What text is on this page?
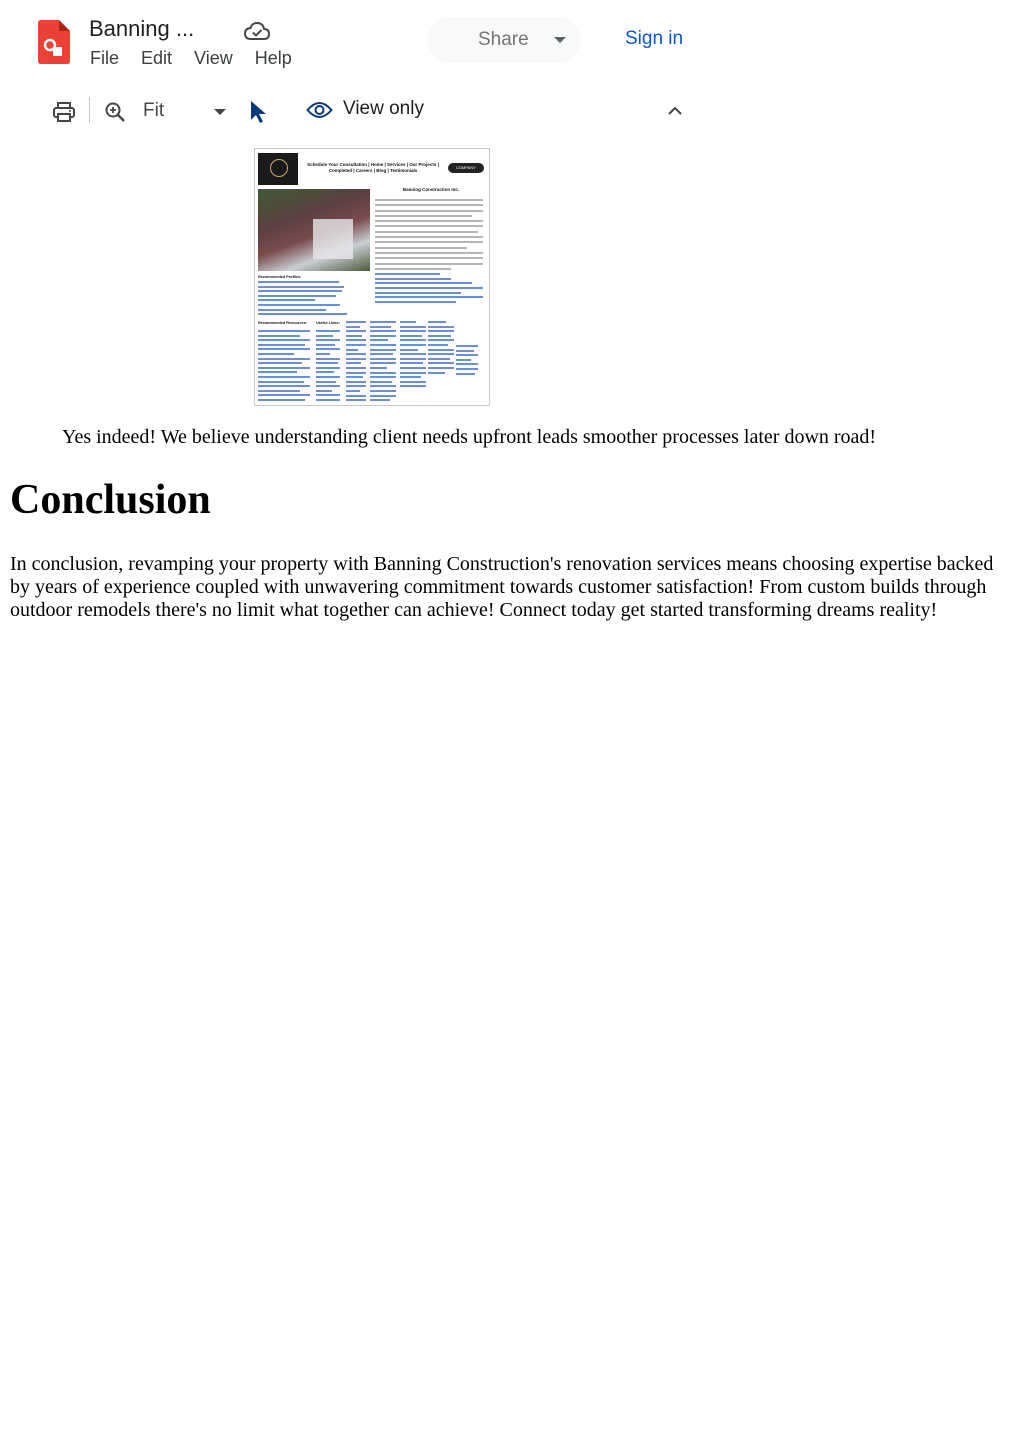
Banning ...
File Edit View Help
Share	Sign in
Fit	View only
Schedule Your Consultation | Home | Services | Our Projects | Completed | Careers | Blog | Testimonials
COMPANY
Banning Construction Inc.
Recommended Profiles:
Recommended Resources: Useful Links:
Yes indeed! We believe understanding client needs upfront leads smoother processes later down road!
Conclusion

In conclusion, revamping your property with Banning Construction's renovation services means choosing expertise backed by years of experience coupled with unwavering commitment towards customer satisfaction! From custom builds through outdoor remodels there's no limit what together can achieve! Connect today get started transforming dreams reality!
